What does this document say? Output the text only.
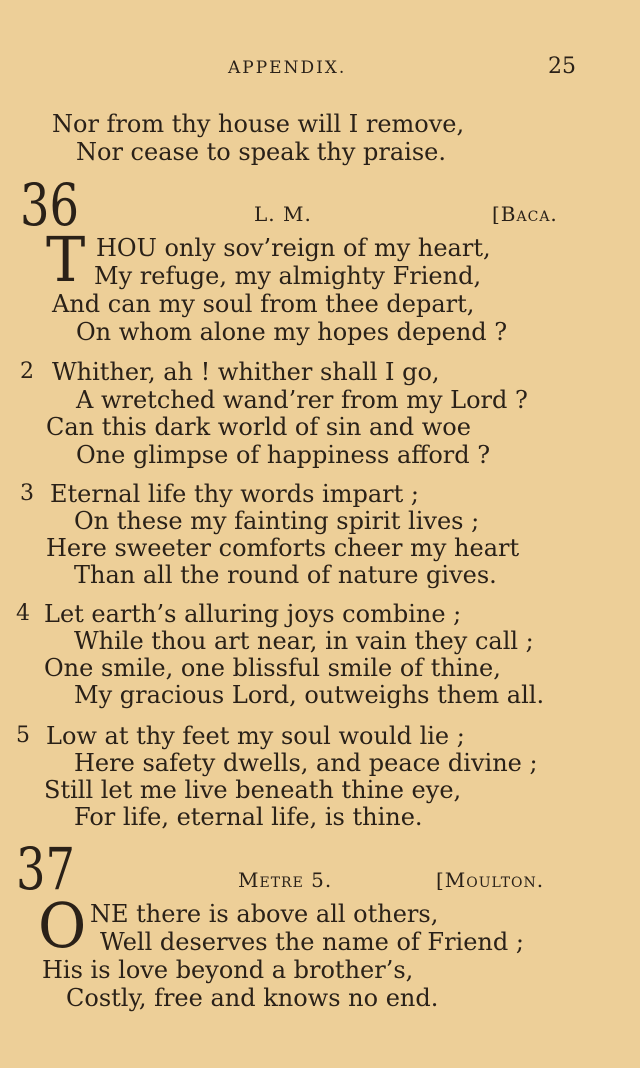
APPENDIX.	25
Nor from thy house will I remove,
Nor cease to speak thy praise.
36	L. M.	[Baca.
T HOU only sov’reign of my heart,
My refuge, my almighty Friend,
And can my soul from thee depart,
On whom alone my hopes depend ?
2 Whither, ah ! whither shall I go,
A wretched wand’rer from my Lord ?
Can this dark world of sin and woe
One glimpse of happiness afford ?
3 Eternal life thy words impart ;
On these my fainting spirit lives ;
Here sweeter comforts cheer my heart
Than all the round of nature gives.
4 Let earth’s alluring joys combine ;
While thou art near, in vain they call ;
One smile, one blissful smile of thine,
My gracious Lord, outweighs them all.
5 Low at thy feet my soul would lie ;
Here safety dwells, and peace divine ;
Still let me live beneath thine eye,
For life, eternal life, is thine.
37	Metre 5.	[Moulton.
O NE there is above all others,
Well deserves the name of Friend ;
His is love beyond a brother’s,
Costly, free and knows no end.
